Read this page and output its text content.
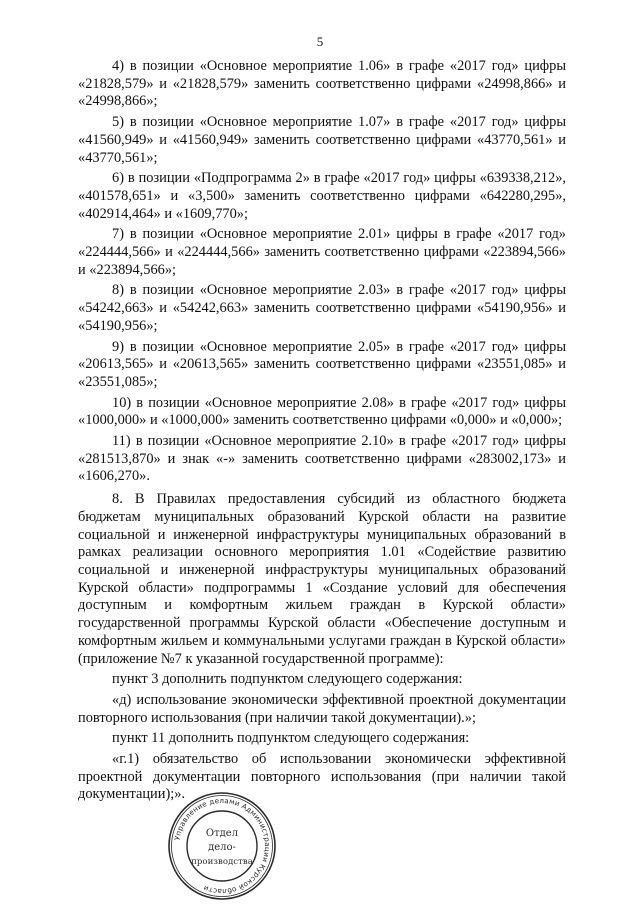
5

4) в позиции «Основное мероприятие 1.06» в графе «2017 год» цифры «21828,579» и «21828,579» заменить соответственно цифрами «24998,866» и «24998,866»;

5) в позиции «Основное мероприятие 1.07» в графе «2017 год» цифры «41560,949» и «41560,949» заменить соответственно цифрами «43770,561» и «43770,561»;

6) в позиции «Подпрограмма 2» в графе «2017 год» цифры «639338,212», «401578,651» и «3,500» заменить соответственно цифрами «642280,295», «402914,464» и «1609,770»;

7) в позиции «Основное мероприятие 2.01» цифры в графе «2017 год» «224444,566» и «224444,566» заменить соответственно цифрами «223894,566» и «223894,566»;

8) в позиции «Основное мероприятие 2.03» в графе «2017 год» цифры «54242,663» и «54242,663» заменить соответственно цифрами «54190,956» и «54190,956»;

9) в позиции «Основное мероприятие 2.05» в графе «2017 год» цифры «20613,565» и «20613,565» заменить соответственно цифрами «23551,085» и «23551,085»;

10) в позиции «Основное мероприятие 2.08» в графе «2017 год» цифры «1000,000» и «1000,000» заменить соответственно цифрами «0,000» и «0,000»;

11) в позиции «Основное мероприятие 2.10» в графе «2017 год» цифры «281513,870» и знак «-» заменить соответственно цифрами «283002,173» и «1606,270».

8. В Правилах предоставления субсидий из областного бюджета бюджетам муниципальных образований Курской области на развитие социальной и инженерной инфраструктуры муниципальных образований в рамках реализации основного мероприятия 1.01 «Содействие развитию социальной и инженерной инфраструктуры муниципальных образований Курской области» подпрограммы 1 «Создание условий для обеспечения доступным и комфортным жильем граждан в Курской области» государственной программы Курской области «Обеспечение доступным и комфортным жильем и коммунальными услугами граждан в Курской области» (приложение №7 к указанной государственной программе):

пункт 3 дополнить подпунктом следующего содержания:

«д) использование экономически эффективной проектной документации повторного использования (при наличии такой документации).»;

пункт 11 дополнить подпунктом следующего содержания:

«г.1) обязательство об использовании экономически эффективной проектной документации повторного использования (при наличии такой документации);».

Управление делами Администрации Курской области
Отдел
дело-
производства
